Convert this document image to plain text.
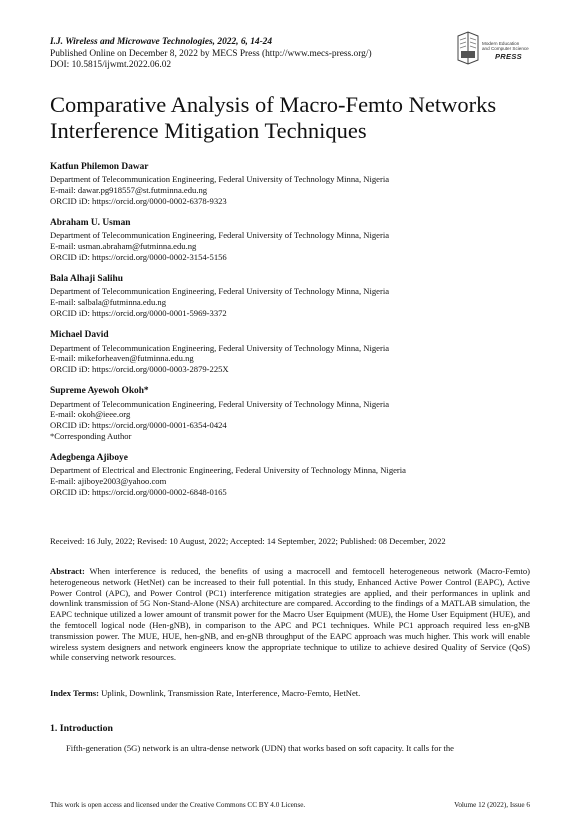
I.J. Wireless and Microwave Technologies, 2022, 6, 14-24
Published Online on December 8, 2022 by MECS Press (http://www.mecs-press.org/)
DOI: 10.5815/ijwmt.2022.06.02
Modern Education
and Computer Science
PRESS
Comparative Analysis of Macro-Femto Networks Interference Mitigation Techniques
Katfun Philemon Dawar
Department of Telecommunication Engineering, Federal University of Technology Minna, Nigeria
E-mail: dawar.pg918557@st.futminna.edu.ng
ORCID iD: https://orcid.org/0000-0002-6378-9323
Abraham U. Usman
Department of Telecommunication Engineering, Federal University of Technology Minna, Nigeria
E-mail: usman.abraham@futminna.edu.ng
ORCID iD: https://orcid.org/0000-0002-3154-5156
Bala Alhaji Salihu
Department of Telecommunication Engineering, Federal University of Technology Minna, Nigeria
E-mail: salbala@futminna.edu.ng
ORCID iD: https://orcid.org/0000-0001-5969-3372
Michael David
Department of Telecommunication Engineering, Federal University of Technology Minna, Nigeria
E-mail: mikeforheaven@futminna.edu.ng
ORCID iD: https://orcid.org/0000-0003-2879-225X
Supreme Ayewoh Okoh*
Department of Telecommunication Engineering, Federal University of Technology Minna, Nigeria
E-mail: okoh@ieee.org
ORCID iD: https://orcid.org/0000-0001-6354-0424
*Corresponding Author
Adegbenga Ajiboye
Department of Electrical and Electronic Engineering, Federal University of Technology Minna, Nigeria
E-mail: ajiboye2003@yahoo.com
ORCID iD: https://orcid.org/0000-0002-6848-0165
Received: 16 July, 2022; Revised: 10 August, 2022; Accepted: 14 September, 2022; Published: 08 December, 2022
Abstract: When interference is reduced, the benefits of using a macrocell and femtocell heterogeneous network (Macro-Femto) heterogeneous network (HetNet) can be increased to their full potential. In this study, Enhanced Active Power Control (EAPC), Active Power Control (APC), and Power Control (PC1) interference mitigation strategies are applied, and their performances in uplink and downlink transmission of 5G Non-Stand-Alone (NSA) architecture are compared. According to the findings of a MATLAB simulation, the EAPC technique utilized a lower amount of transmit power for the Macro User Equipment (MUE), the Home User Equipment (HUE), and the femtocell logical node (Hen-gNB), in comparison to the APC and PC1 techniques. While PC1 approach required less en-gNB transmission power. The MUE, HUE, hen-gNB, and en-gNB throughput of the EAPC approach was much higher. This work will enable wireless system designers and network engineers know the appropriate technique to utilize to achieve desired Quality of Service (QoS) while conserving network resources.
Index Terms: Uplink, Downlink, Transmission Rate, Interference, Macro-Femto, HetNet.
1. Introduction
Fifth-generation (5G) network is an ultra-dense network (UDN) that works based on soft capacity. It calls for the
This work is open access and licensed under the Creative Commons CC BY 4.0 License.	Volume 12 (2022), Issue 6
